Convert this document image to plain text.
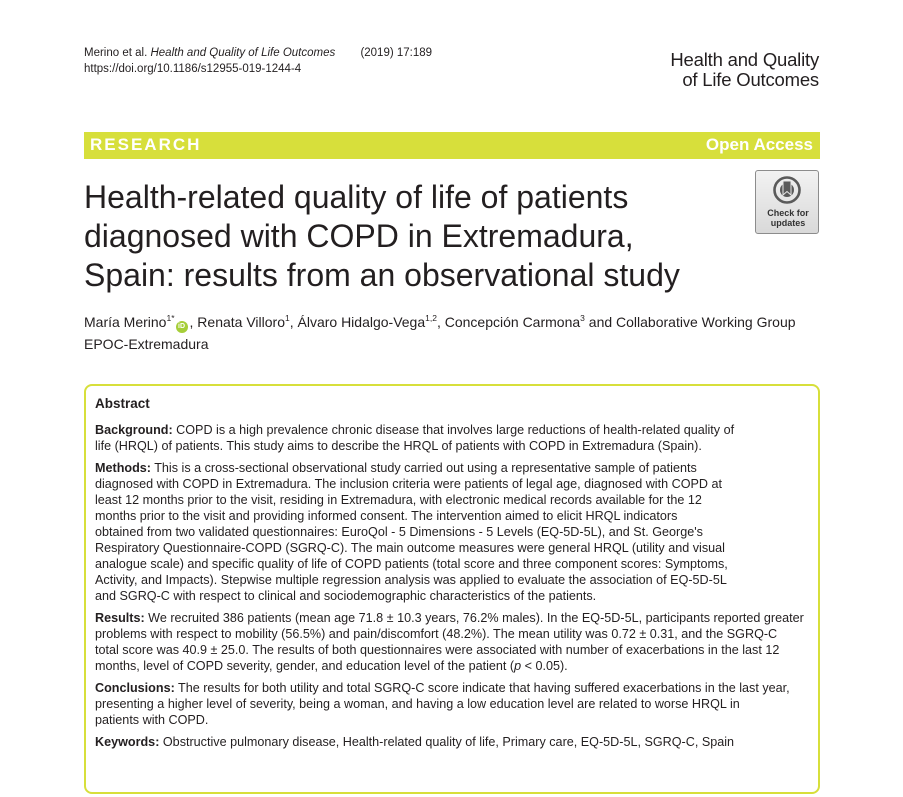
Merino et al. Health and Quality of Life Outcomes (2019) 17:189
https://doi.org/10.1186/s12955-019-1244-4	Health and Quality
of Life Outcomes
RESEARCH	Open Access
Health-related quality of life of patients
diagnosed with COPD in Extremadura,
Spain: results from an observational study
Check for
updates
María Merino$^{1*}$iD , Renata Villoro$^1$, Álvaro Hidalgo-Vega$^{1,2}$, Concepción Carmona$^3$ and Collaborative Working Group
EPOC-Extremadura
Abstract
Background: COPD is a high prevalence chronic disease that involves large reductions of health-related quality of
life (HRQL) of patients. This study aims to describe the HRQL of patients with COPD in Extremadura (Spain).
Methods: This is a cross-sectional observational study carried out using a representative sample of patients
diagnosed with COPD in Extremadura. The inclusion criteria were patients of legal age, diagnosed with COPD at
least 12 months prior to the visit, residing in Extremadura, with electronic medical records available for the 12
months prior to the visit and providing informed consent. The intervention aimed to elicit HRQL indicators
obtained from two validated questionnaires: EuroQol - 5 Dimensions - 5 Levels (EQ-5D-5L), and St. George's
Respiratory Questionnaire-COPD (SGRQ-C). The main outcome measures were general HRQL (utility and visual
analogue scale) and specific quality of life of COPD patients (total score and three component scores: Symptoms,
Activity, and Impacts). Stepwise multiple regression analysis was applied to evaluate the association of EQ-5D-5L
and SGRQ-C with respect to clinical and sociodemographic characteristics of the patients.
Results: We recruited 386 patients (mean age 71.8 ± 10.3 years, 76.2% males). In the EQ-5D-5L, participants reported greater
problems with respect to mobility (56.5%) and pain/discomfort (48.2%). The mean utility was 0.72 ± 0.31, and the SGRQ-C
total score was 40.9 ± 25.0. The results of both questionnaires were associated with number of exacerbations in the last 12
months, level of COPD severity, gender, and education level of the patient (p < 0.05).
Conclusions: The results for both utility and total SGRQ-C score indicate that having suffered exacerbations in the last year,
presenting a higher level of severity, being a woman, and having a low education level are related to worse HRQL in
patients with COPD.
Keywords: Obstructive pulmonary disease, Health-related quality of life, Primary care, EQ-5D-5L, SGRQ-C, Spain
